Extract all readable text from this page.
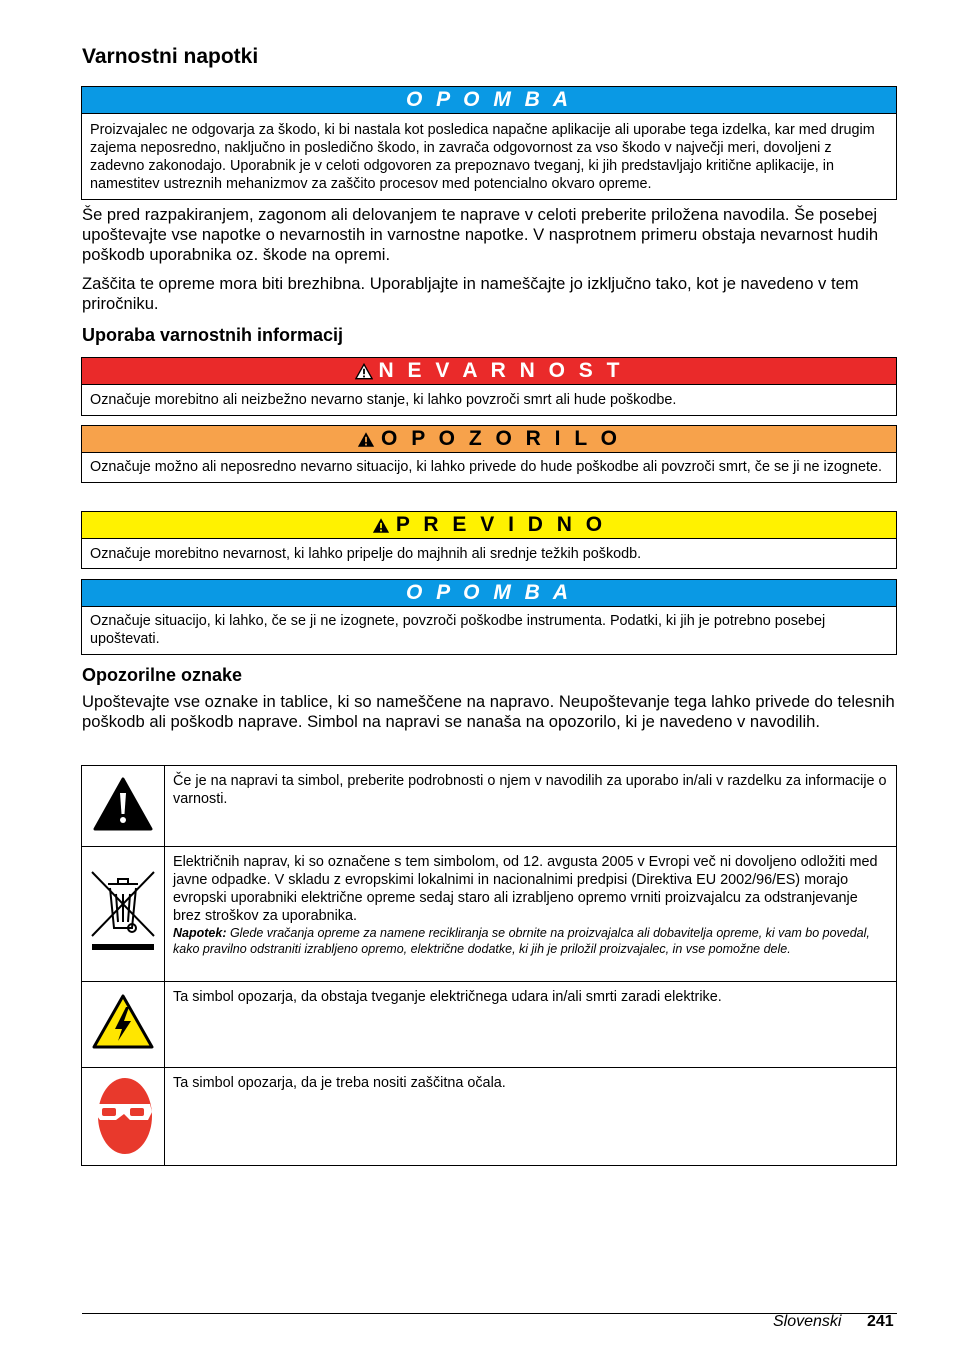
Varnostni napotki
O P O M B A
Proizvajalec ne odgovarja za škodo, ki bi nastala kot posledica napačne aplikacije ali uporabe tega izdelka, kar med drugim zajema neposredno, naključno in posledično škodo, in zavrača odgovornost za vso škodo v največji meri, dovoljeni z zadevno zakonodajo. Uporabnik je v celoti odgovoren za prepoznavo tveganj, ki jih predstavljajo kritične aplikacije, in namestitev ustreznih mehanizmov za zaščito procesov med potencialno okvaro opreme.

Še pred razpakiranjem, zagonom ali delovanjem te naprave v celoti preberite priložena navodila. Še posebej upoštevajte vse napotke o nevarnostih in varnostne napotke. V nasprotnem primeru obstaja nevarnost hudih poškodb uporabnika oz. škode na opremi.

Zaščita te opreme mora biti brezhibna. Uporabljajte in nameščajte jo izključno tako, kot je navedeno v tem priročniku.

Uporaba varnostnih informacij
N E V A R N O S T
Označuje morebitno ali neizbežno nevarno stanje, ki lahko povzroči smrt ali hude poškodbe.
O P O Z O R I L O
Označuje možno ali neposredno nevarno situacijo, ki lahko privede do hude poškodbe ali povzroči smrt, če se ji ne izognete.
P R E V I D N O
Označuje morebitno nevarnost, ki lahko pripelje do majhnih ali srednje težkih poškodb.
O P O M B A
Označuje situacijo, ki lahko, če se ji ne izognete, povzroči poškodbe instrumenta. Podatki, ki jih je potrebno posebej upoštevati.
Opozorilne oznake

Upoštevajte vse oznake in tablice, ki so nameščene na napravo. Neupoštevanje tega lahko privede do telesnih poškodb ali poškodb naprave. Simbol na napravi se nanaša na opozorilo, ki je navedeno v navodilih.

	Če je na napravi ta simbol, preberite podrobnosti o njem v navodilih za uporabo in/ali v razdelku za informacije o varnosti.

Električnih naprav, ki so označene s tem simbolom, od 12. avgusta 2005 v Evropi več ni dovoljeno odložiti med javne odpadke. V skladu z evropskimi lokalnimi in nacionalnimi predpisi (Direktiva EU 2002/96/ES) morajo evropski uporabniki električne opreme sedaj staro ali izrabljeno opremo vrniti proizvajalcu za odstranjevanje brez stroškov za uporabnika.
Napotek: Glede vračanja opreme za namene recikliranja se obrnite na proizvajalca ali dobavitelja opreme, ki vam bo povedal, kako pravilno odstraniti izrabljeno opremo, električne dodatke, ki jih je priložil proizvajalec, in vse pomožne dele.

	Ta simbol opozarja, da obstaja tveganje električnega udara in/ali smrti zaradi elektrike.
	Ta simbol opozarja, da je treba nositi zaščitna očala.
Slovenski 241
